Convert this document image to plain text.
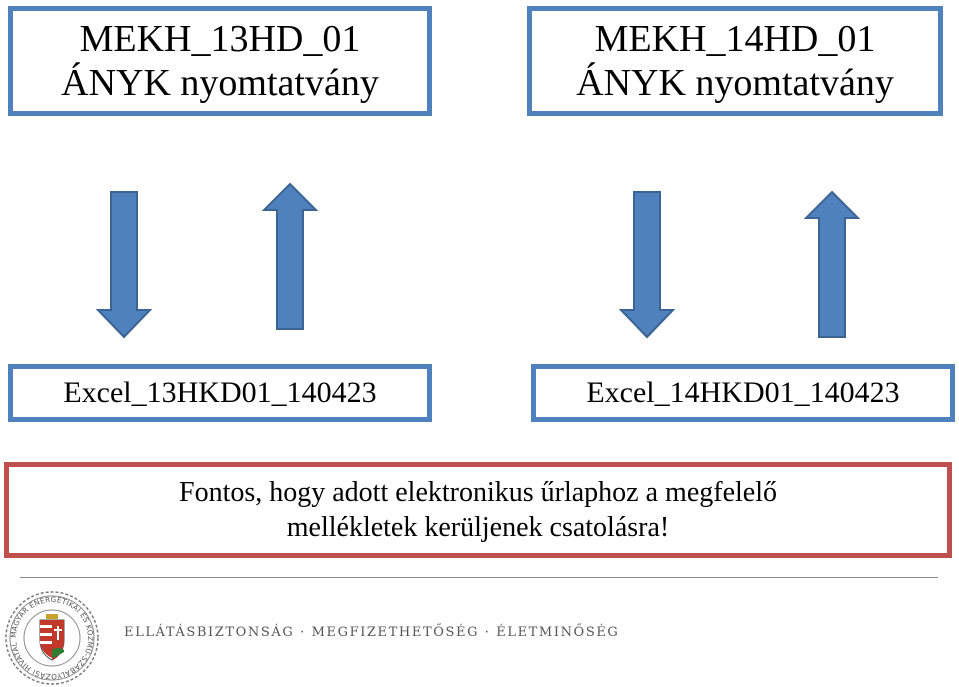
MEKH_13HD_01
ÁNYK nyomtatvány
MEKH_14HD_01
ÁNYK nyomtatvány
Excel_13HKD01_140423	Excel_14HKD01_140423
Fontos, hogy adott elektronikus űrlaphoz a megfelelő
mellékletek kerüljenek csatolásra!
MAGYAR ENERGETIKAI ÉS KÖZMŰ-SZABÁLYOZÁSI HIVATAL
ELLÁTÁSBIZTONSÁG · MEGFIZETHETŐSÉG · ÉLETMINŐSÉG
